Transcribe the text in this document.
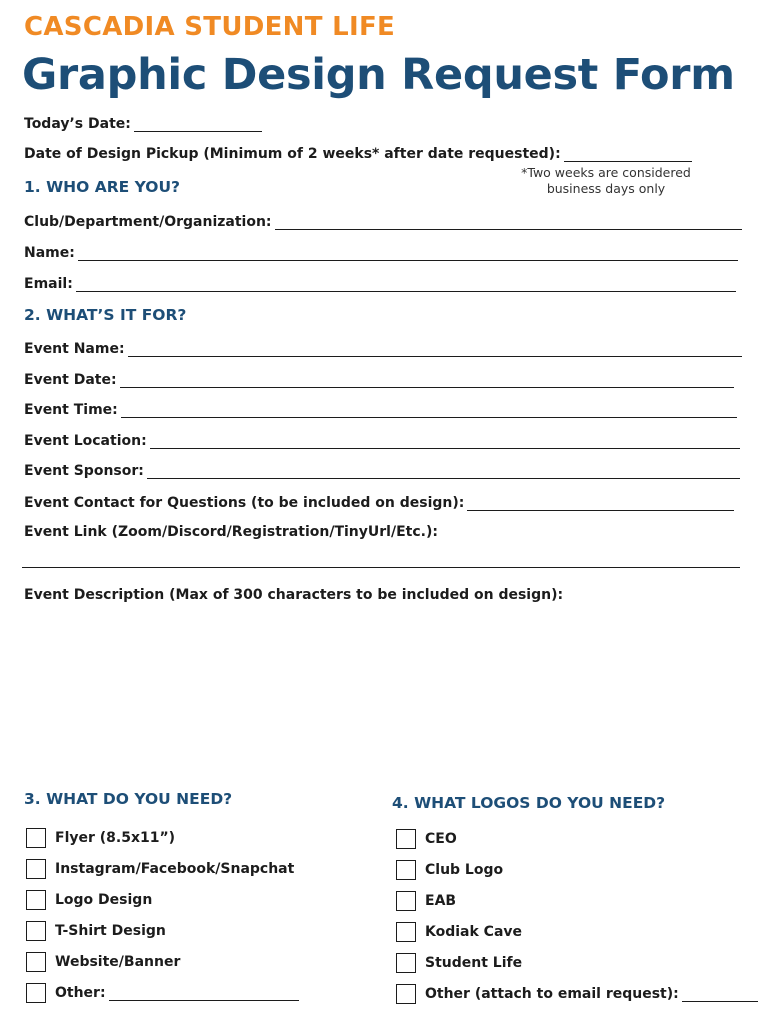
CASCADIA STUDENT LIFE
Graphic Design Request Form
Today’s Date:
Date of Design Pickup (Minimum of 2 weeks* after date requested):
*Two weeks are considered business days only
1. WHO ARE YOU?
Club/Department/Organization:
Name:
Email:
2. WHAT’S IT FOR?
Event Name:
Event Date:
Event Time:
Event Location:
Event Sponsor:
Event Contact for Questions (to be included on design):
Event Link (Zoom/Discord/Registration/TinyUrl/Etc.):
Event Description (Max of 300 characters to be included on design):
3. WHAT DO YOU NEED?
Flyer (8.5x11”)
Instagram/Facebook/Snapchat
Logo Design
T-Shirt Design
Website/Banner
Other:
4. WHAT LOGOS DO YOU NEED?
CEO
Club Logo
EAB
Kodiak Cave
Student Life
Other (attach to email request):
